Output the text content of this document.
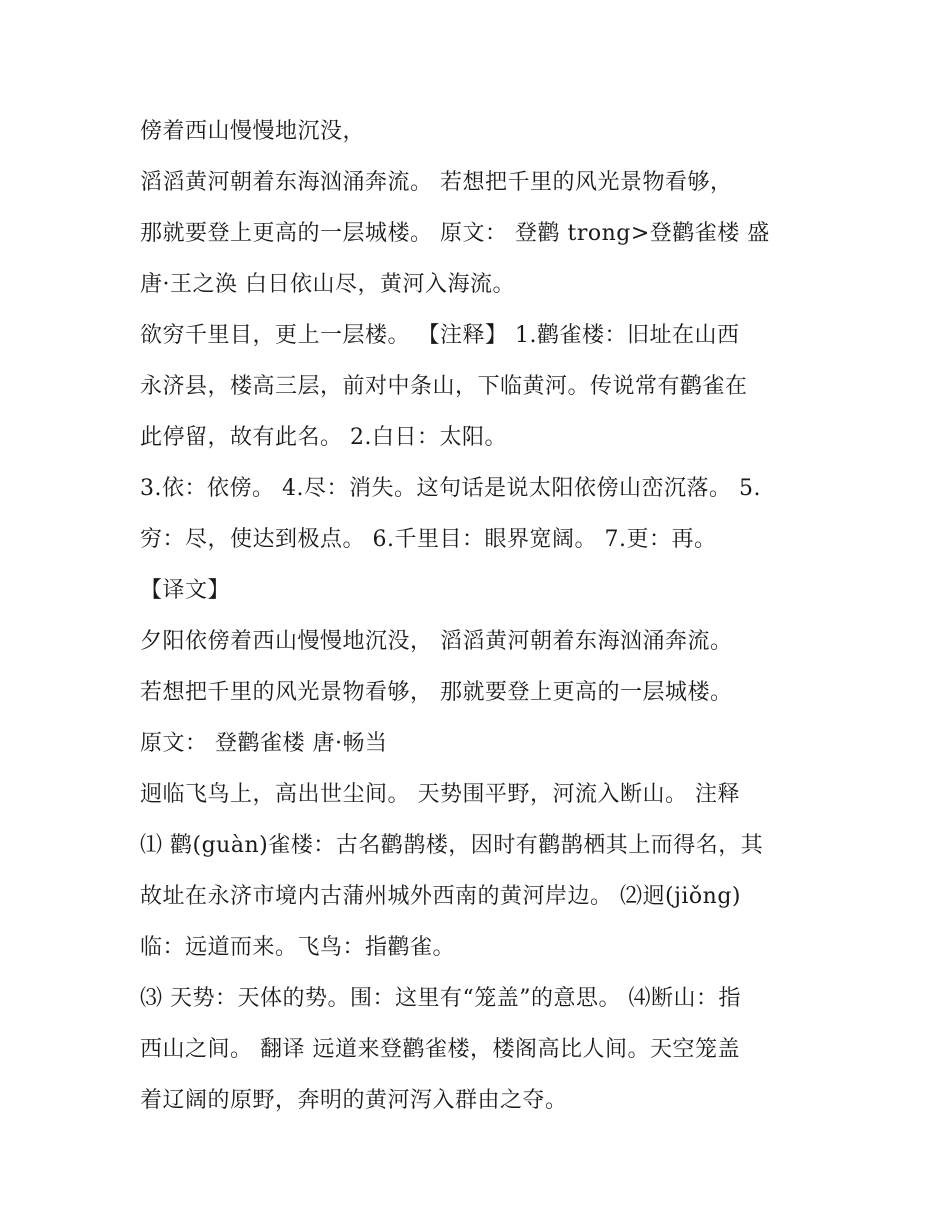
傍着西山慢慢地沉没，
滔滔黄河朝着东海汹涌奔流。 若想把千里的风光景物看够，
那就要登上更高的一层城楼。 原文： 登鹳 trong>登鹳雀楼 盛
唐·王之涣 白日依山尽，黄河入海流。
欲穷千里目，更上一层楼。 【注释】 1.鹳雀楼：旧址在山西
永济县，楼高三层，前对中条山，下临黄河。传说常有鹳雀在
此停留，故有此名。 2.白日：太阳。
3.依：依傍。 4.尽：消失。这句话是说太阳依傍山峦沉落。 5.
穷：尽，使达到极点。 6.千里目：眼界宽阔。 7.更：再。
【译文】
夕阳依傍着西山慢慢地沉没， 滔滔黄河朝着东海汹涌奔流。
若想把千里的风光景物看够， 那就要登上更高的一层城楼。
原文： 登鹳雀楼 唐·畅当
迥临飞鸟上，高出世尘间。 天势围平野，河流入断山。 注释
⑴ 鹳(guàn)雀楼：古名鹳鹊楼，因时有鹳鹊栖其上而得名，其
故址在永济市境内古蒲州城外西南的黄河岸边。 ⑵迥(jiǒng)
临：远道而来。飞鸟：指鹳雀。
⑶ 天势：天体的势。围：这里有“笼盖”的意思。 ⑷断山：指
西山之间。 翻译 远道来登鹳雀楼，楼阁高比人间。天空笼盖
着辽阔的原野，奔明的黄河泻入群由之夺。
